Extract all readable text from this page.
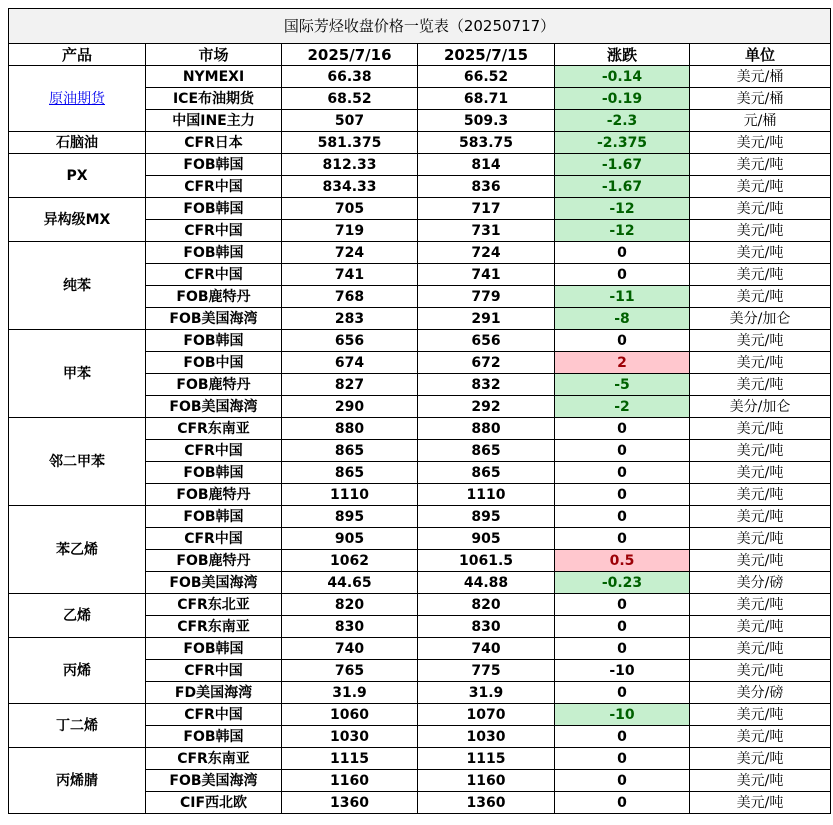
国际芳烃收盘价格一览表（20250717）					
产品	市场	2025/7/16	2025/7/15	涨跌	单位
原油期货	NYMEXI	66.38	66.52	-0.14	美元/桶
	ICE布油期货	68.52	68.71	-0.19	美元/桶
	中国INE主力	507	509.3	-2.3	元/桶
石脑油	CFR日本	581.375	583.75	-2.375	美元/吨
PX	FOB韩国	812.33	814	-1.67	美元/吨
	CFR中国	834.33	836	-1.67	美元/吨
异构级MX	FOB韩国	705	717	-12	美元/吨
	CFR中国	719	731	-12	美元/吨
纯苯	FOB韩国	724	724	0	美元/吨
	CFR中国	741	741	0	美元/吨
	FOB鹿特丹	768	779	-11	美元/吨
	FOB美国海湾	283	291	-8	美分/加仑
甲苯	FOB韩国	656	656	0	美元/吨
	FOB中国	674	672	2	美元/吨
	FOB鹿特丹	827	832	-5	美元/吨
	FOB美国海湾	290	292	-2	美分/加仑
邻二甲苯	CFR东南亚	880	880	0	美元/吨
	CFR中国	865	865	0	美元/吨
	FOB韩国	865	865	0	美元/吨
	FOB鹿特丹	1110	1110	0	美元/吨
苯乙烯	FOB韩国	895	895	0	美元/吨
	CFR中国	905	905	0	美元/吨
	FOB鹿特丹	1062	1061.5	0.5	美元/吨
	FOB美国海湾	44.65	44.88	-0.23	美分/磅
乙烯	CFR东北亚	820	820	0	美元/吨
	CFR东南亚	830	830	0	美元/吨
丙烯	FOB韩国	740	740	0	美元/吨
	CFR中国	765	775	-10	美元/吨
	FD美国海湾	31.9	31.9	0	美分/磅
丁二烯	CFR中国	1060	1070	-10	美元/吨
	FOB韩国	1030	1030	0	美元/吨
丙烯腈	CFR东南亚	1115	1115	0	美元/吨
	FOB美国海湾	1160	1160	0	美元/吨
	CIF西北欧	1360	1360	0	美元/吨
